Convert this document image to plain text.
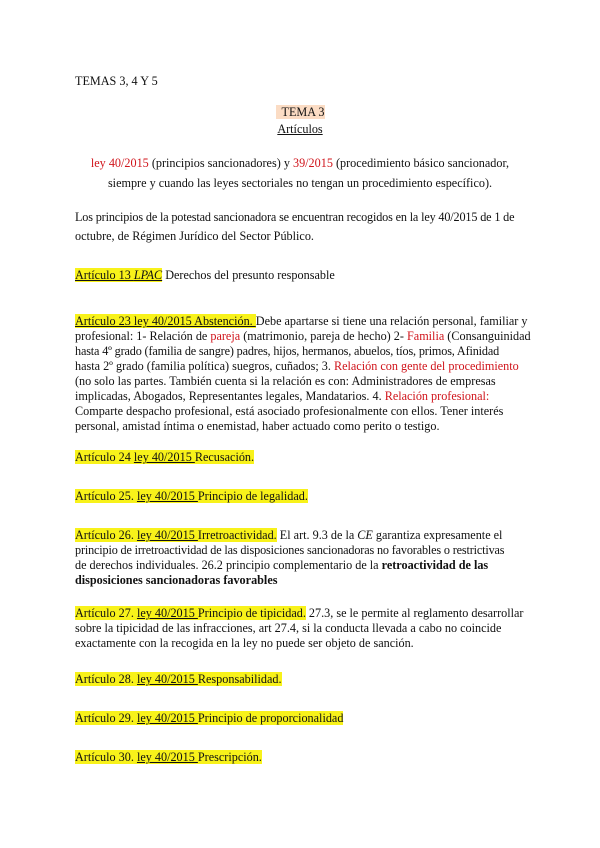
TEMAS 3, 4 Y 5
TEMA 3
Artículos
ley 40/2015 (principios sancionadores) y 39/2015 (procedimiento básico sancionador,
siempre y cuando las leyes sectoriales no tengan un procedimiento específico).
Los principios de la potestad sancionadora se encuentran recogidos en la ley 40/2015 de 1 de
octubre, de Régimen Jurídico del Sector Público.
Artículo 13 LPAC Derechos del presunto responsable
Artículo 23 ley 40/2015 Abstención. Debe apartarse si tiene una relación personal, familiar y
profesional: 1- Relación de pareja (matrimonio, pareja de hecho) 2- Familia (Consanguinidad
hasta 4º grado (familia de sangre) padres, hijos, hermanos, abuelos, tíos, primos, Afinidad
hasta 2º grado (familia política) suegros, cuñados; 3. Relación con gente del procedimiento
(no solo las partes. También cuenta si la relación es con: Administradores de empresas
implicadas, Abogados, Representantes legales, Mandatarios. 4. Relación profesional:
Comparte despacho profesional, está asociado profesionalmente con ellos. Tener interés
personal, amistad íntima o enemistad, haber actuado como perito o testigo.
Artículo 24 ley 40/2015 Recusación.
Artículo 25. ley 40/2015 Principio de legalidad.
Artículo 26. ley 40/2015 Irretroactividad. El art. 9.3 de la CE garantiza expresamente el
principio de irretroactividad de las disposiciones sancionadoras no favorables o restrictivas
de derechos individuales. 26.2 principio complementario de la retroactividad de las
disposiciones sancionadoras favorables
Artículo 27. ley 40/2015 Principio de tipicidad. 27.3, se le permite al reglamento desarrollar
sobre la tipicidad de las infracciones, art 27.4, si la conducta llevada a cabo no coincide
exactamente con la recogida en la ley no puede ser objeto de sanción.
Artículo 28. ley 40/2015 Responsabilidad.
Artículo 29. ley 40/2015 Principio de proporcionalidad
Artículo 30. ley 40/2015 Prescripción.
